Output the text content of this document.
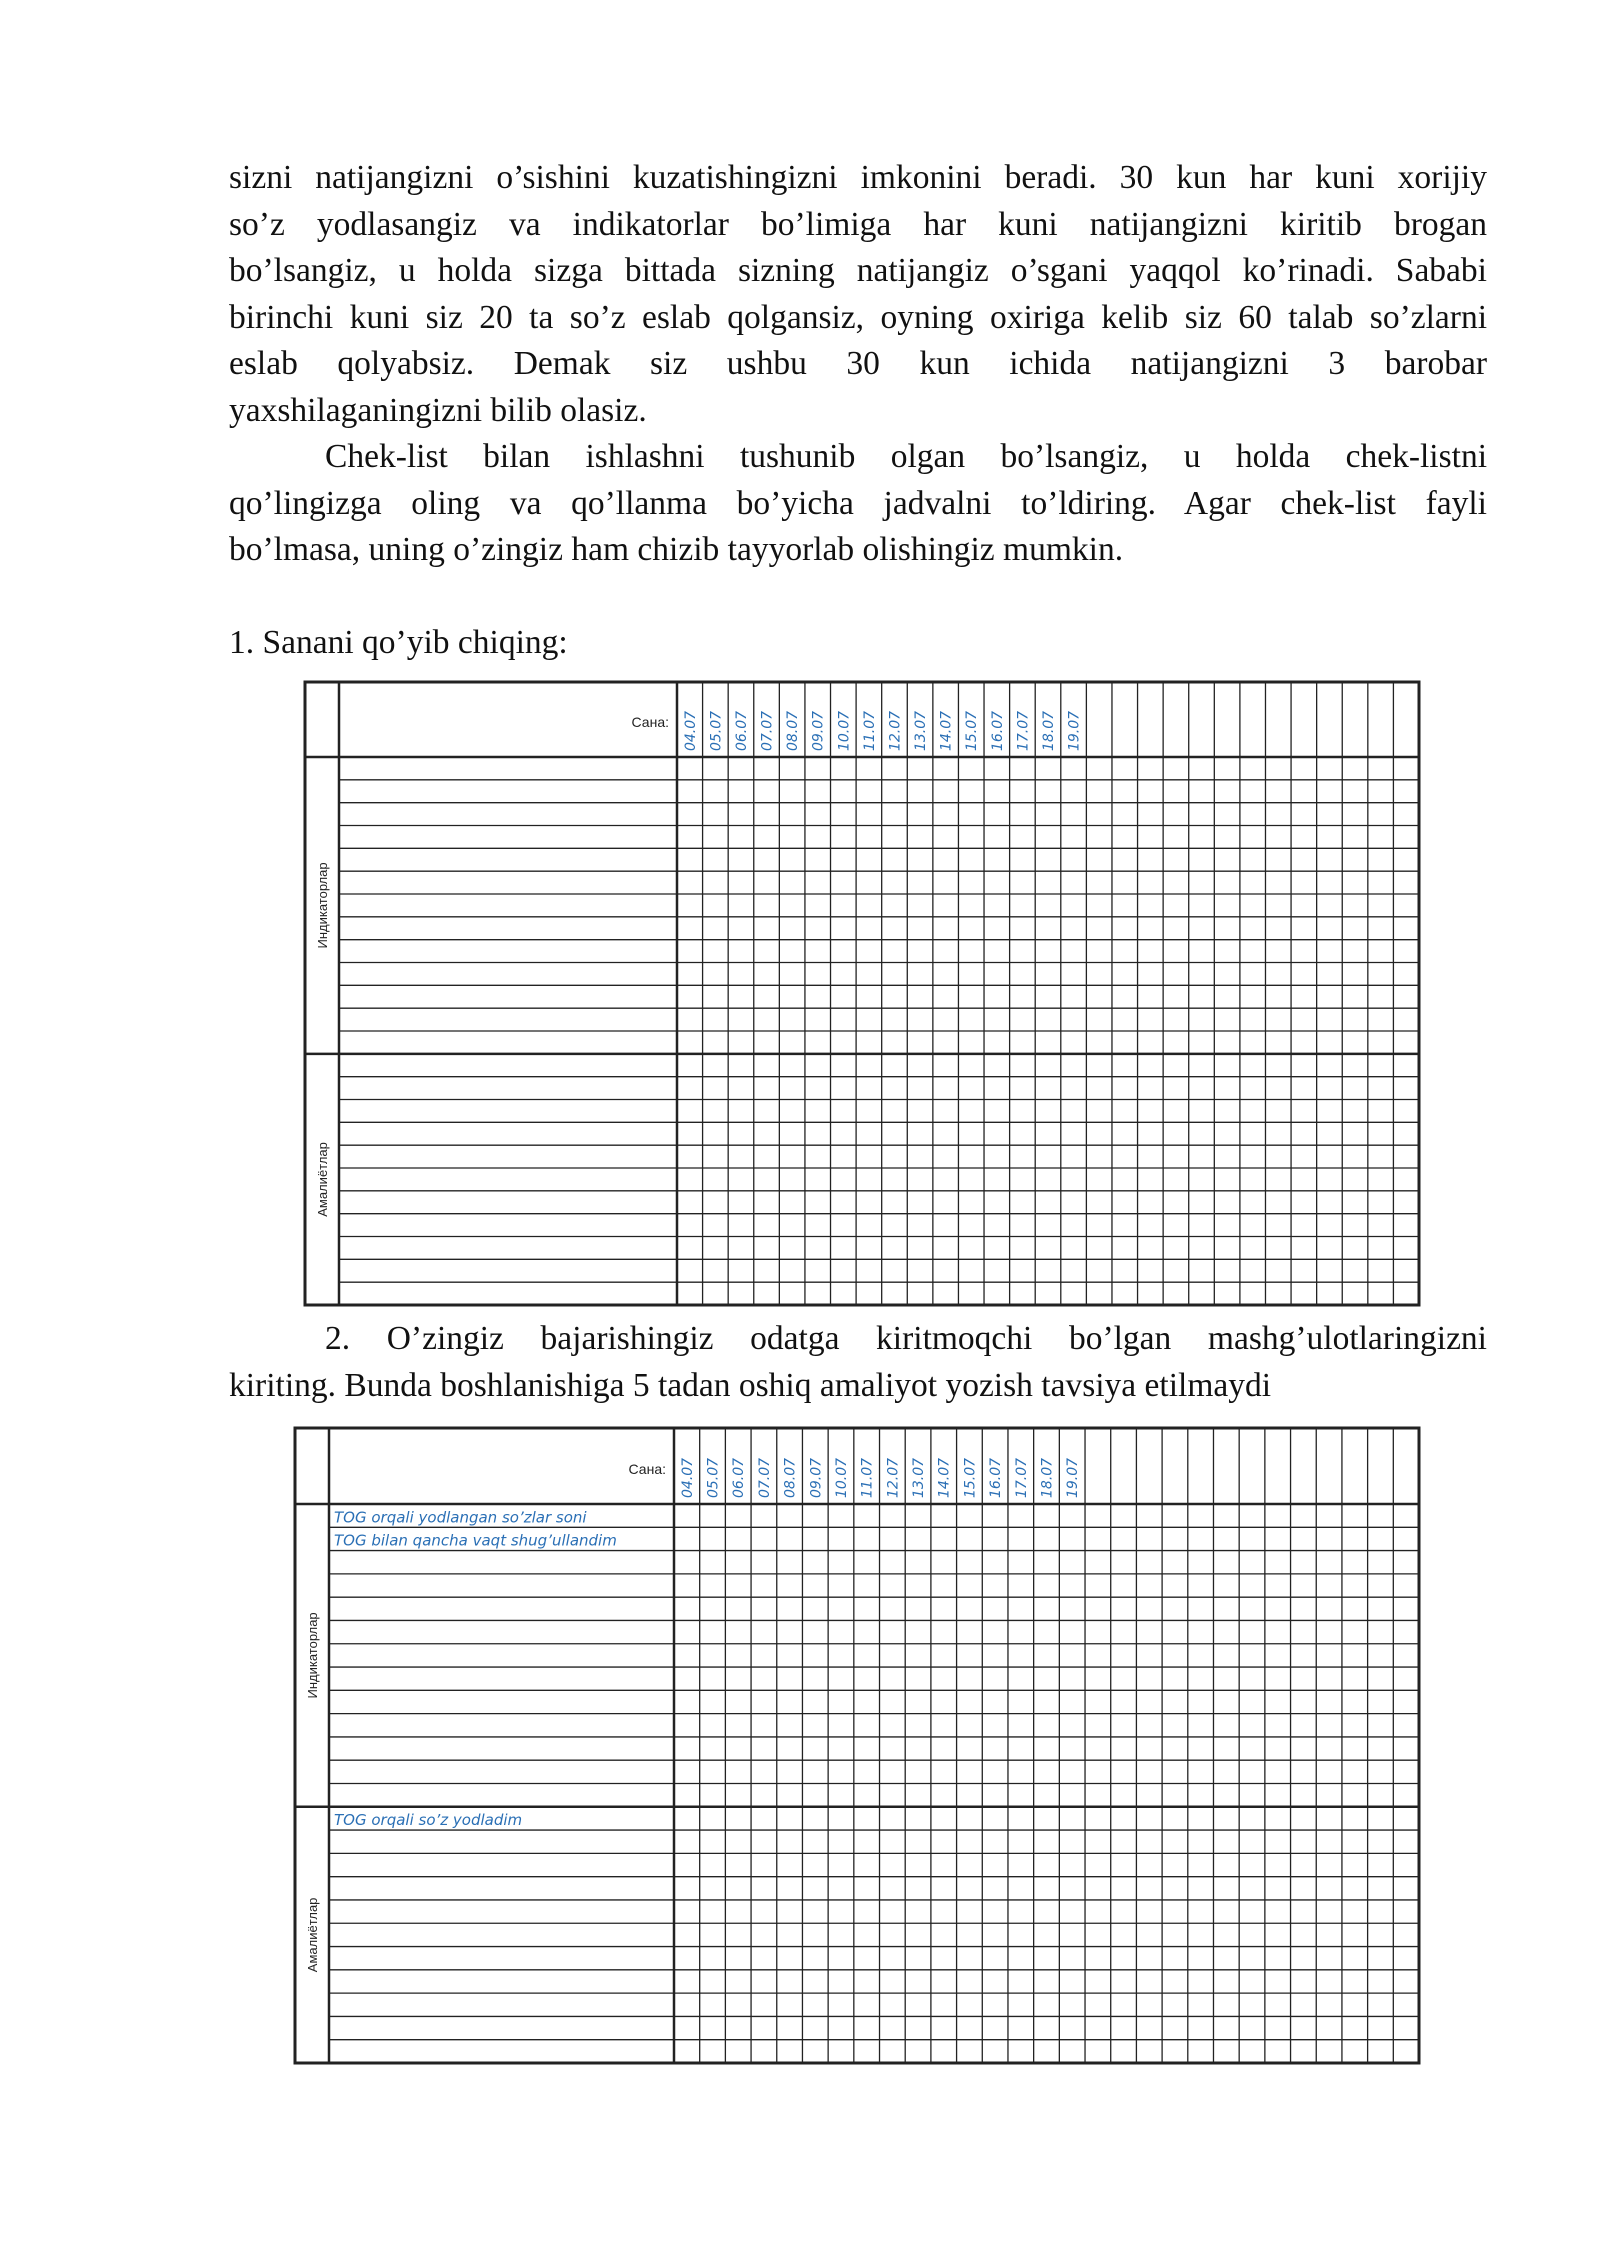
sizni natijangizni o’sishini kuzatishingizni imkonini beradi. 30 kun har kuni xorijiy
so’z yodlasangiz va indikatorlar bo’limiga har kuni natijangizni kiritib brogan
bo’lsangiz, u holda sizga bittada sizning natijangiz o’sgani yaqqol ko’rinadi. Sababi
birinchi kuni siz 20 ta so’z eslab qolgansiz, oyning oxiriga kelib siz 60 talab so’zlarni
eslab qolyabsiz. Demak siz ushbu 30 kun ichida natijangizni 3 barobar
yaxshilaganingizni bilib olasiz.
Chek-list bilan ishlashni tushunib olgan bo’lsangiz, u holda chek-listni
qo’lingizga oling va qo’llanma bo’yicha jadvalni to’ldiring. Agar chek-list fayli
bo’lmasa, uning o’zingiz ham chizib tayyorlab olishingiz mumkin.
1. Sanani qo’yib chiqing:
Сана:
Индикаторлар
Амалиётлар
04.07 05.07 06.07 07.07 08.07 09.07 10.07 11.07 12.07 13.07 14.07 15.07 16.07 17.07 18.07 19.07
2. O’zingiz bajarishingiz odatga kiritmoqchi bo’lgan mashg’ulotlaringizni
kiriting. Bunda boshlanishiga 5 tadan oshiq amaliyot yozish tavsiya etilmaydi
Сана:
Индикаторлар
Амалиётлар
04.07 05.07 06.07 07.07 08.07 09.07 10.07 11.07 12.07 13.07 14.07 15.07 16.07 17.07 18.07 19.07
TOG orqali yodlangan so’zlar soni
TOG bilan qancha vaqt shug’ullandim
TOG orqali so’z yodladim
